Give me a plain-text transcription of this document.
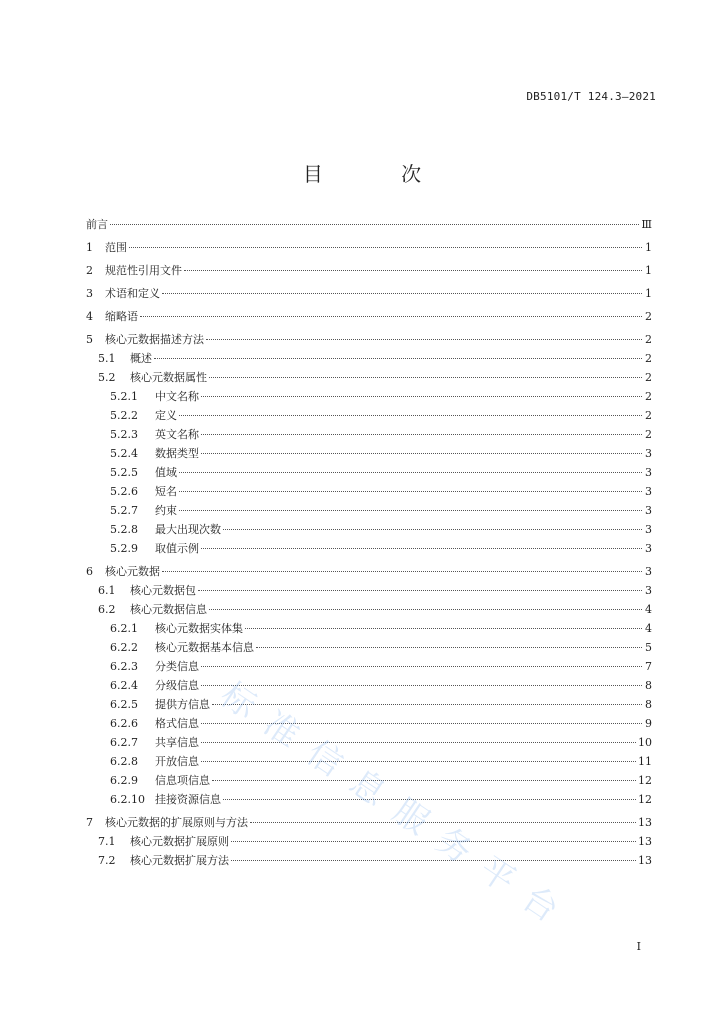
DB5101/T 124.3—2021
目 次
前言	Ⅲ
1	范围	1
2	规范性引用文件	1
3	术语和定义	1
4	缩略语	2
5	核心元数据描述方法	2
5.1	概述	2
5.2	核心元数据属性	2
5.2.1	中文名称	2
5.2.2	定义	2
5.2.3	英文名称	2
5.2.4	数据类型	3
5.2.5	值域	3
5.2.6	短名	3
5.2.7	约束	3
5.2.8	最大出现次数	3
5.2.9	取值示例	3
6	核心元数据	3
6.1	核心元数据包	3
6.2	核心元数据信息	4
6.2.1	核心元数据实体集	4
6.2.2	核心元数据基本信息	5
6.2.3	分类信息	7
6.2.4	分级信息	8
6.2.5	提供方信息	8
6.2.6	格式信息	9
6.2.7	共享信息	10
6.2.8	开放信息	11
6.2.9	信息项信息	12
6.2.10 挂接资源信息	12
7	核心元数据的扩展原则与方法	13
7.1	核心元数据扩展原则	13
7.2	核心元数据扩展方法	13
标准信息服务平台
I
